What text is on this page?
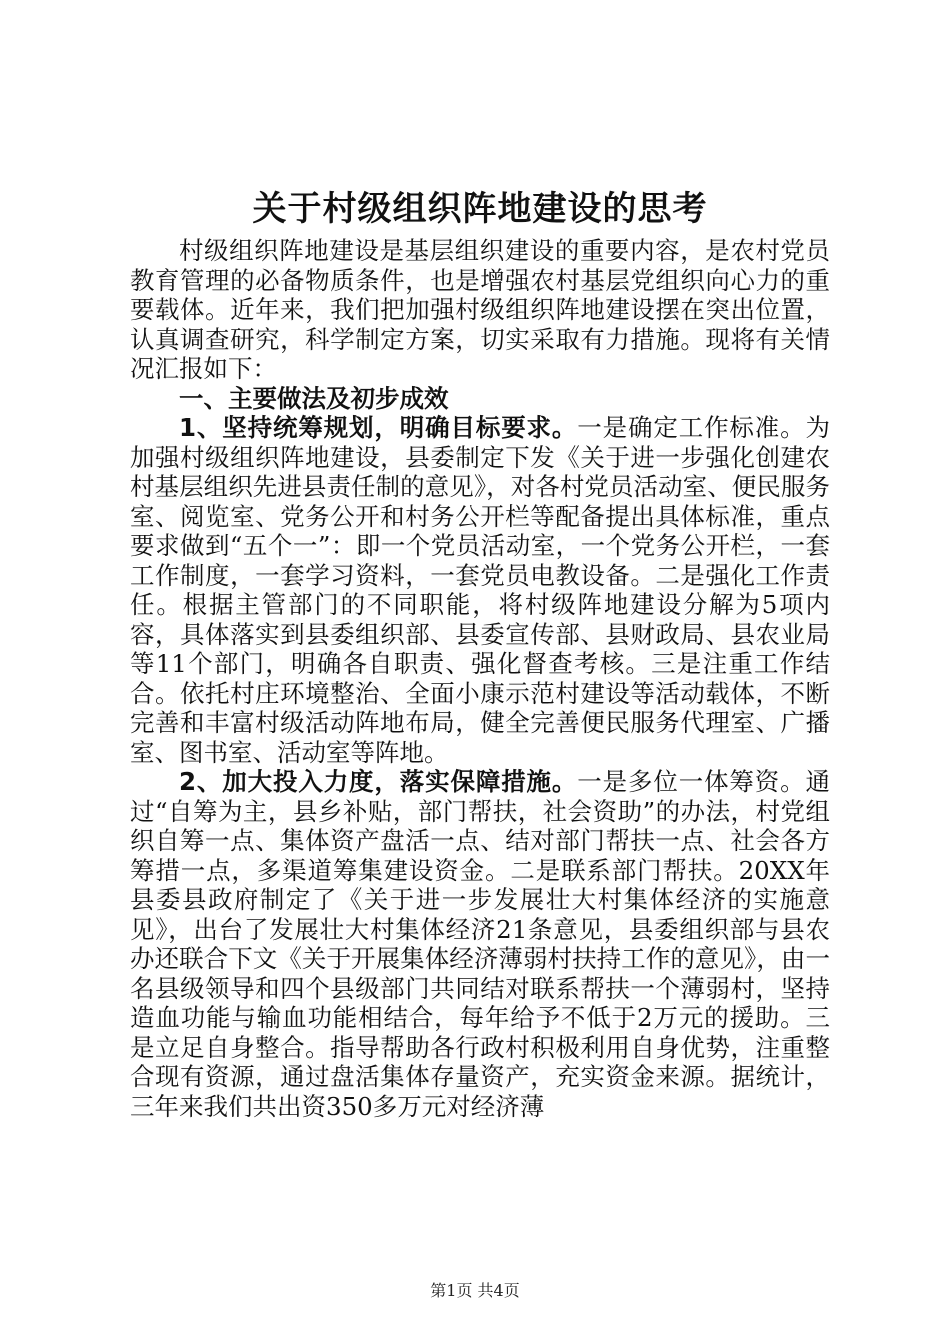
关于村级组织阵地建设的思考

村级组织阵地建设是基层组织建设的重要内容，是农村党员教育管理的必备物质条件，也是增强农村基层党组织向心力的重要载体。近年来，我们把加强村级组织阵地建设摆在突出位置，认真调查研究，科学制定方案，切实采取有力措施。现将有关情况汇报如下：

一、主要做法及初步成效

1、坚持统筹规划，明确目标要求。一是确定工作标准。为加强村级组织阵地建设，县委制定下发《关于进一步强化创建农村基层组织先进县责任制的意见》，对各村党员活动室、便民服务室、阅览室、党务公开和村务公开栏等配备提出具体标准，重点要求做到“五个一”：即一个党员活动室，一个党务公开栏，一套工作制度，一套学习资料，一套党员电教设备。二是强化工作责任。根据主管部门的不同职能，将村级阵地建设分解为5项内容，具体落实到县委组织部、县委宣传部、县财政局、县农业局等11个部门，明确各自职责、强化督查考核。三是注重工作结合。依托村庄环境整治、全面小康示范村建设等活动载体，不断完善和丰富村级活动阵地布局，健全完善便民服务代理室、广播室、图书室、活动室等阵地。

2、加大投入力度，落实保障措施。一是多位一体筹资。通过“自筹为主，县乡补贴，部门帮扶，社会资助”的办法，村党组织自筹一点、集体资产盘活一点、结对部门帮扶一点、社会各方筹措一点，多渠道筹集建设资金。二是联系部门帮扶。20XX年县委县政府制定了《关于进一步发展壮大村集体经济的实施意见》，出台了发展壮大村集体经济21条意见，县委组织部与县农办还联合下文《关于开展集体经济薄弱村扶持工作的意见》，由一名县级领导和四个县级部门共同结对联系帮扶一个薄弱村，坚持造血功能与输血功能相结合，每年给予不低于2万元的援助。三是立足自身整合。指导帮助各行政村积极利用自身优势，注重整合现有资源，通过盘活集体存量资产，充实资金来源。据统计，三年来我们共出资350多万元对经济薄

第1页 共4页
